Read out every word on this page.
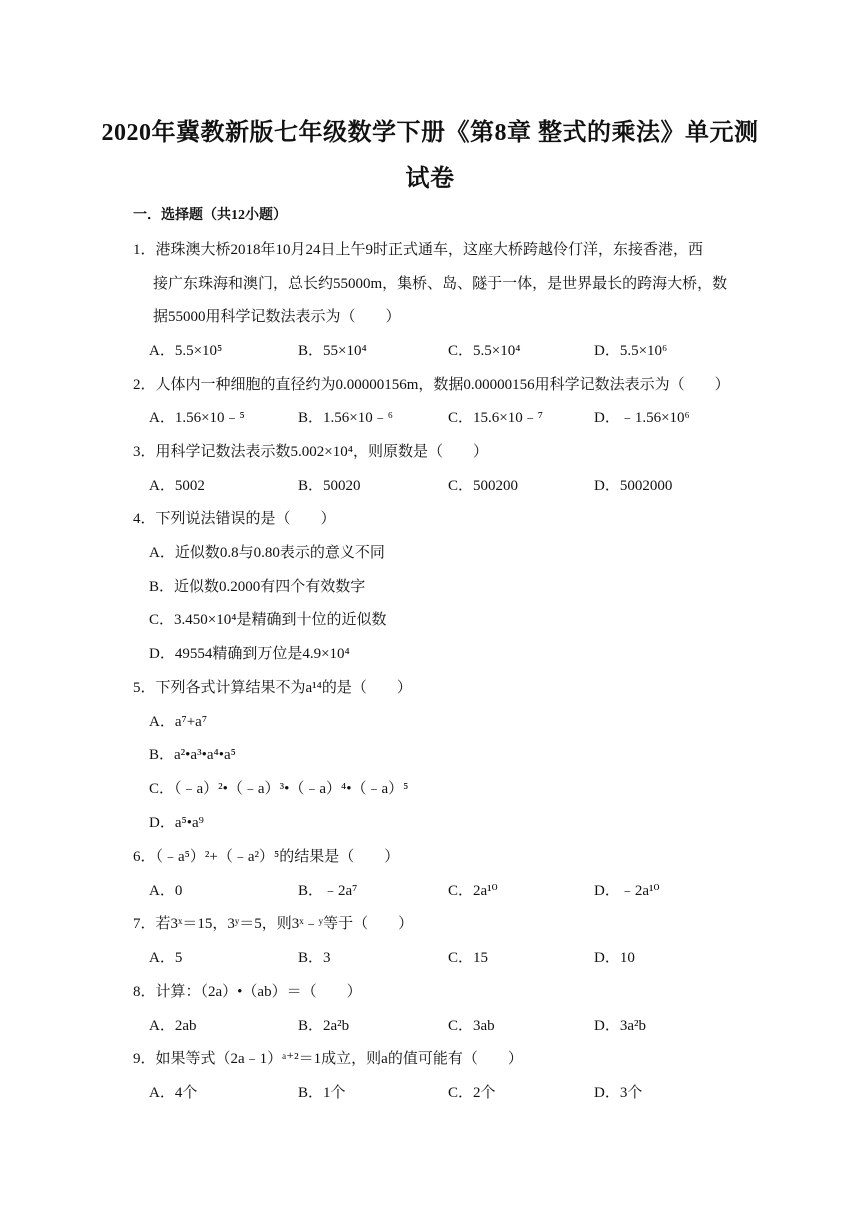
2020年冀教新版七年级数学下册《第8章 整式的乘法》单元测
试卷
一．选择题（共12小题）
1．港珠澳大桥2018年10月24日上午9时正式通车，这座大桥跨越伶仃洋，东接香港，西
接广东珠海和澳门，总长约55000m，集桥、岛、隧于一体，是世界最长的跨海大桥，数
据55000用科学记数法表示为（　　）
A．5.5×10⁵	B．55×10⁴	C．5.5×10⁴	D．5.5×10⁶
2．人体内一种细胞的直径约为0.00000156m，数据0.00000156用科学记数法表示为（　　）
A．1.56×10﹣⁵	B．1.56×10﹣⁶	C．15.6×10﹣⁷	D．﹣1.56×10⁶
3．用科学记数法表示数5.002×10⁴，则原数是（　　）
A．5002	B．50020	C．500200	D．5002000
4．下列说法错误的是（　　）
A．近似数0.8与0.80表示的意义不同
B．近似数0.2000有四个有效数字
C．3.450×10⁴是精确到十位的近似数
D．49554精确到万位是4.9×10⁴
5．下列各式计算结果不为a¹⁴的是（　　）
A．a⁷+a⁷
B．a²•a³•a⁴•a⁵
C．（﹣a）²•（﹣a）³•（﹣a）⁴•（﹣a）⁵
D．a⁵•a⁹
6．（﹣a⁵）²+（﹣a²）⁵的结果是（　　）
A．0	B．﹣2a⁷	C．2a¹⁰	D．﹣2a¹⁰
7．若3ˣ＝15，3ʸ＝5，则3ˣ﹣ʸ等于（　　）
A．5	B．3	C．15	D．10
8．计算：（2a）•（ab）＝（　　）
A．2ab	B．2a²b	C．3ab	D．3a²b
9．如果等式（2a﹣1）ᵃ⁺²＝1成立，则a的值可能有（　　）
A．4个	B．1个	C．2个	D．3个
